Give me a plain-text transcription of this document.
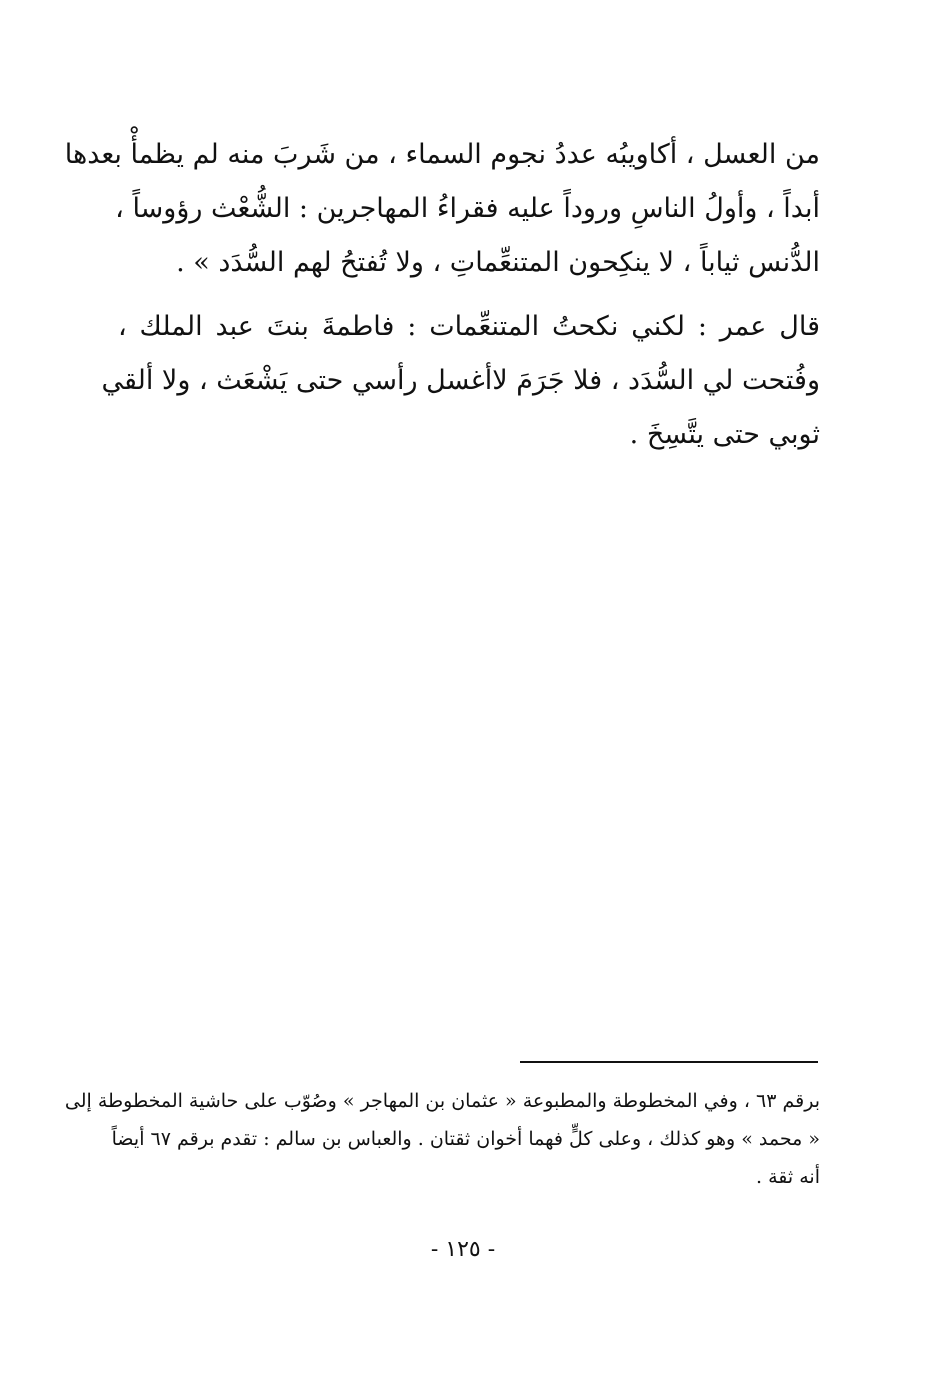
من العسل ، أكاويبُه عددُ نجوم السماء ، من شَربَ منه لم يظمأْ بعدها
أبداً ، وأولُ الناسِ وروداً عليه فقراءُ المهاجرين : الشُّعْث رؤوساً ،
الدُّنس ثياباً ، لا ينكِحون المتنعِّماتِ ، ولا تُفتحُ لهم السُّدَد » .
قال عمر : لكني نكحتُ المتنعِّمات : فاطمةَ بنتَ عبد الملك ،
وفُتحت لي السُّدَد ، فلا جَرَمَ لاأغسل رأسي حتى يَشْعَث ، ولا ألقي
ثوبي حتى يتَّسِخَ .
برقم ٦٣ ، وفي المخطوطة والمطبوعة « عثمان بن المهاجر » وصُوّب على حاشية المخطوطة إلى
« محمد » وهو كذلك ، وعلى كلٍّ فهما أخوان ثقتان . والعباس بن سالم : تقدم برقم ٦٧ أيضاً
أنه ثقة .
- ١٢٥ -
